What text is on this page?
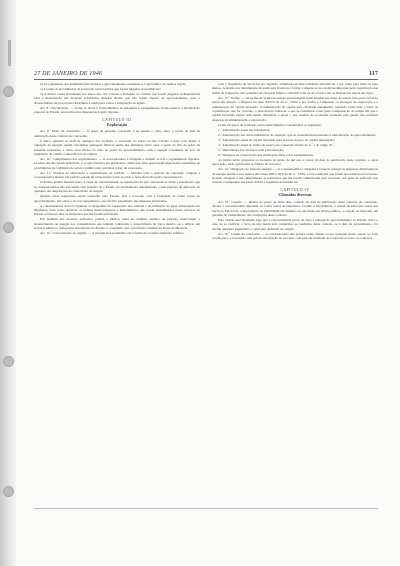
27 DE JANEIRO DE 1946	117

b) Ao pagamento das indemnizações devidas a aproveitamentos existentes e à agricultura, no termos legais;

c) A tomar as providências de protecção à piscicultura que forem julgadas aconselháveis;

d) A deixar correr livremente nos leitos dos rios Cávado e Rabagão os caudais que forem julgados indispensáveis para a manutenção das diversas actividades situadas abaixo que não sejam objecto de aproveitamento, para o abastecimento de povoações ribeirinhas e ainda para evitar a estagnação de águas.

Art. 8.º Fiscalização. — Todas as obras e fornecimentos de máquinas e equipamentos ficam sujeitos à fiscalização especial do Estado, nos termos das disposições legais vigentes.

CAPITULO III

Exploração

Art. 9.º Prazo da concessão. — O prazo da presente concessão é de setenta e cinco anos, a contar da data da publicação deste contrato de concessão.

§ único. Quando se abrir de qualquer dos escalões, a concessão do baixo ou alto Cávado é feita com direito à obtenção de energia, sejam concluídas quaisquer fábricas numa das primeiras cinco anos a partir do fim do prazo da presente concessão, e cinco anos findos ao cabo do prazo do aproveitamento, toda a energia consumida no acto da liquidação do crédito e amortização do capital.

Art. 10.º Cumprimento dos regulamentos. — A concessionária é obrigada a cumprir as leis e regulamentos vigentes, na parte que lhe forem aplicáveis, e os que vierem a ser publicados, ainda que estes prescrevam imposições resultantes de providências de vigilância do serviço público não previstas à data da concessão.

Art. 11.º Normas de exploração e regularização de caudais. — Durante todo o período da concessão compete à concessionária manter em perfeito estado de conservação todas as obras e bens afectados pelo concessionário.

O Estado poderá mandar fazer, à custa da concessionária, as reparações de que carecerem as obras e instalações que as concessionárias não executem, sem prejuízo de o Estado ser devidamente indemnizado, e sem prejuízo da aplicação de qualquer das disposições de caducidade ou resgate.

Quando estas reparações sejam custeadas pelo Estado, fica o Governo com a faculdade de tomar posse do aproveitamento, das obras e do seu equipamento, até efectivo pagamento das despesas efectuadas.

A concessionária deverá organizar os diagramas de exploração dos centrais e da utilização da água armazenada nas albufeiras, bem como observar os índices meteorológicos e hidrométricos que forem determinados pelos serviços do Estado e fornecer-lhes os elementos que lhe forem solicitados.

Em nenhum dos escalões aplicados, poderá a fábrica, tanto no domínio público ou privado, interromper o abastecimento de energia aos consumidores que tenham contratado o fornecimento de força motriz, ou a utilizar em serviços públicos, sem prévia autorização do Estado, e o seguinte: que a proibição constitui na Ponte da Misarela.

Art. 12.º Concretização do regime. — A energia será produzida sob a forma de corrente alternada trifásica,

com a frequência de 50 ciclos por segundo, admitindo-se uma tolerância máxima de 1 por cento para mais ou para menos. A tensão nos barramentos de saída será fixada por forma a adaptar-se às condições impostas pela organização das linhas de transporte, não podendo ser em geral inferior a 60 000 volts ou de acordo com as disposições legais em vigor.

Art. 13.º Tarifas. — As tarifas de venda de energia precisamente serão fixadas nas bases do estudo feito pelo Governo tendo em atenção o disposto na base XXVII da lei n.º 2:002 e por forma a compensar os encargos de exploração e a remuneração do capital investido. A remuneração do capital será calculada anualmente, tomando como base o valor da capitalização que for corrente, o qual deverá somar-se o que se considerar como justa compensação do tempo em que o capital investido esteve sem render dividendo e ainda o que resultar da economia realizada pela gestão das restantes despesas da administração e exploração.

Como encargos da produção serão especialmente considerados os seguintes:

1.º Amortização anual das instalações;

2.º Amortização das obras hidráulicas de captação, que se considerem necessárias à remodelação do aproveitamento;

3.º Amortização anual do capital investido para as taxas de juro do capital empregado;

4.º Amortização anual do fundo de reserva da concessão fixado no n.º 1 do artigo 47.º;

5.º Importância dos encargos com a fiscalização;

6.º Despesas de conservação das instalações fixas e dos equipamentos.

As tarifas serão propostas ao Governo no prazo de um ano a contar da data da publicação deste contrato, e, após aprovação, serão publicadas no Diário do Governo.

Art. 14.º Obrigação de fornecer energia. — A concessionária é obrigada a fornecer energia às empresas distribuidoras de energia eléctrica nos termos das bases XIII e XIV da lei n.º 2:002, e nas condições que forem aprovadas pelo Governo, ficando obrigada a dar cumprimento às instruções que lhe forem comunicadas pelo Governo, sob pena de aplicação das sanções consignadas nas bases XXXI e seguintes da mesma lei.

CAPITULO IV

Cláusulas diversas

Art. 15.º Caução. — Dentro do prazo de vinte dias, contado da data da publicação deste contrato de concessão, deverá a concessionária depositar na Caixa Geral de Depósitos, Crédito e Previdência, à ordem da Direcção Geral dos Serviços Eléctricos, a importância de 2:000.000$ em dinheiro ou em títulos de dívida pública, a cotação do mercado, em garantia do cumprimento das obrigações deste contrato.

Esta caução será levantada logo que a concessionária prove ter feito a entrega do aproveitamento ao Estado, salvo o caso de se verificar o facto de não terem sido cumpridas as condições deste contrato, se à data do levantamento, for devido qualquer pagamento, o qual será deduzido da caução.

Art. 16.º Cessão da concessão. — A concessionária não poderá ceder, alienar ou por qualquer modo onerar, no todo ou em parte, a concessão sem prévia autorização do Governo, sob pena de nulidade dos respectivos actos ou contratos.
